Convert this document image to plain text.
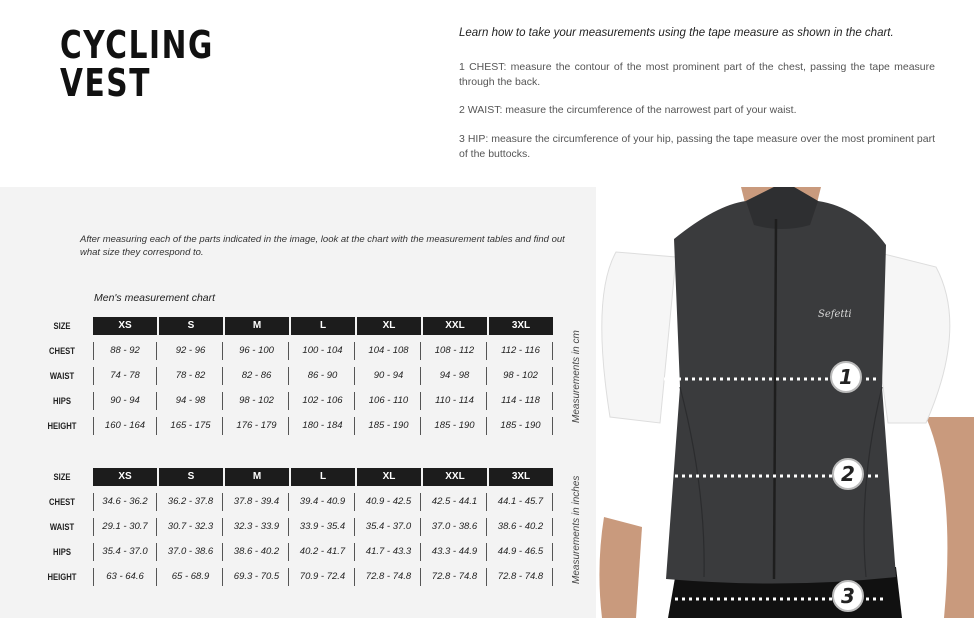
CYCLING
VEST
Learn how to take your measurements using the tape measure as shown in the chart.
1 CHEST: measure the contour of the most prominent part of the chest, passing the tape measure through the back.
2 WAIST: measure the circumference of the narrowest part of your waist.
3 HIP: measure the circumference of your hip, passing the tape measure over the most prominent part of the buttocks.
After measuring each of the parts indicated in the image, look at the chart with the measurement tables and find out what size they correspond to.
Men's measurement chart
SIZE	XS	S	M	L	XL	XXL	3XL
CHEST	88 - 92	92 - 96	96 - 100	100 - 104	104 - 108	108 - 112	112 - 116
WAIST	74 - 78	78 - 82	82 - 86	86 - 90	90 - 94	94 - 98	98 - 102
HIPS	90 - 94	94 - 98	98 - 102	102 - 106	106 - 110	110 - 114	114 - 118
HEIGHT	160 - 164	165 - 175	176 - 179	180 - 184	185 - 190	185 - 190	185 - 190
SIZE	XS	S	M	L	XL	XXL	3XL
CHEST	34.6 - 36.2	36.2 - 37.8	37.8 - 39.4	39.4 - 40.9	40.9 - 42.5	42.5 - 44.1	44.1 - 45.7
WAIST	29.1 - 30.7	30.7 - 32.3	32.3 - 33.9	33.9 - 35.4	35.4 - 37.0	37.0 - 38.6	38.6 - 40.2
HIPS	35.4 - 37.0	37.0 - 38.6	38.6 - 40.2	40.2 - 41.7	41.7 - 43.3	43.3 - 44.9	44.9 - 46.5
HEIGHT	63 - 64.6	65 - 68.9	69.3 - 70.5	70.9 - 72.4	72.8 - 74.8	72.8 - 74.8	72.8 - 74.8
Measurements in cm
Measurements in inches
Sefetti
1
2
3
